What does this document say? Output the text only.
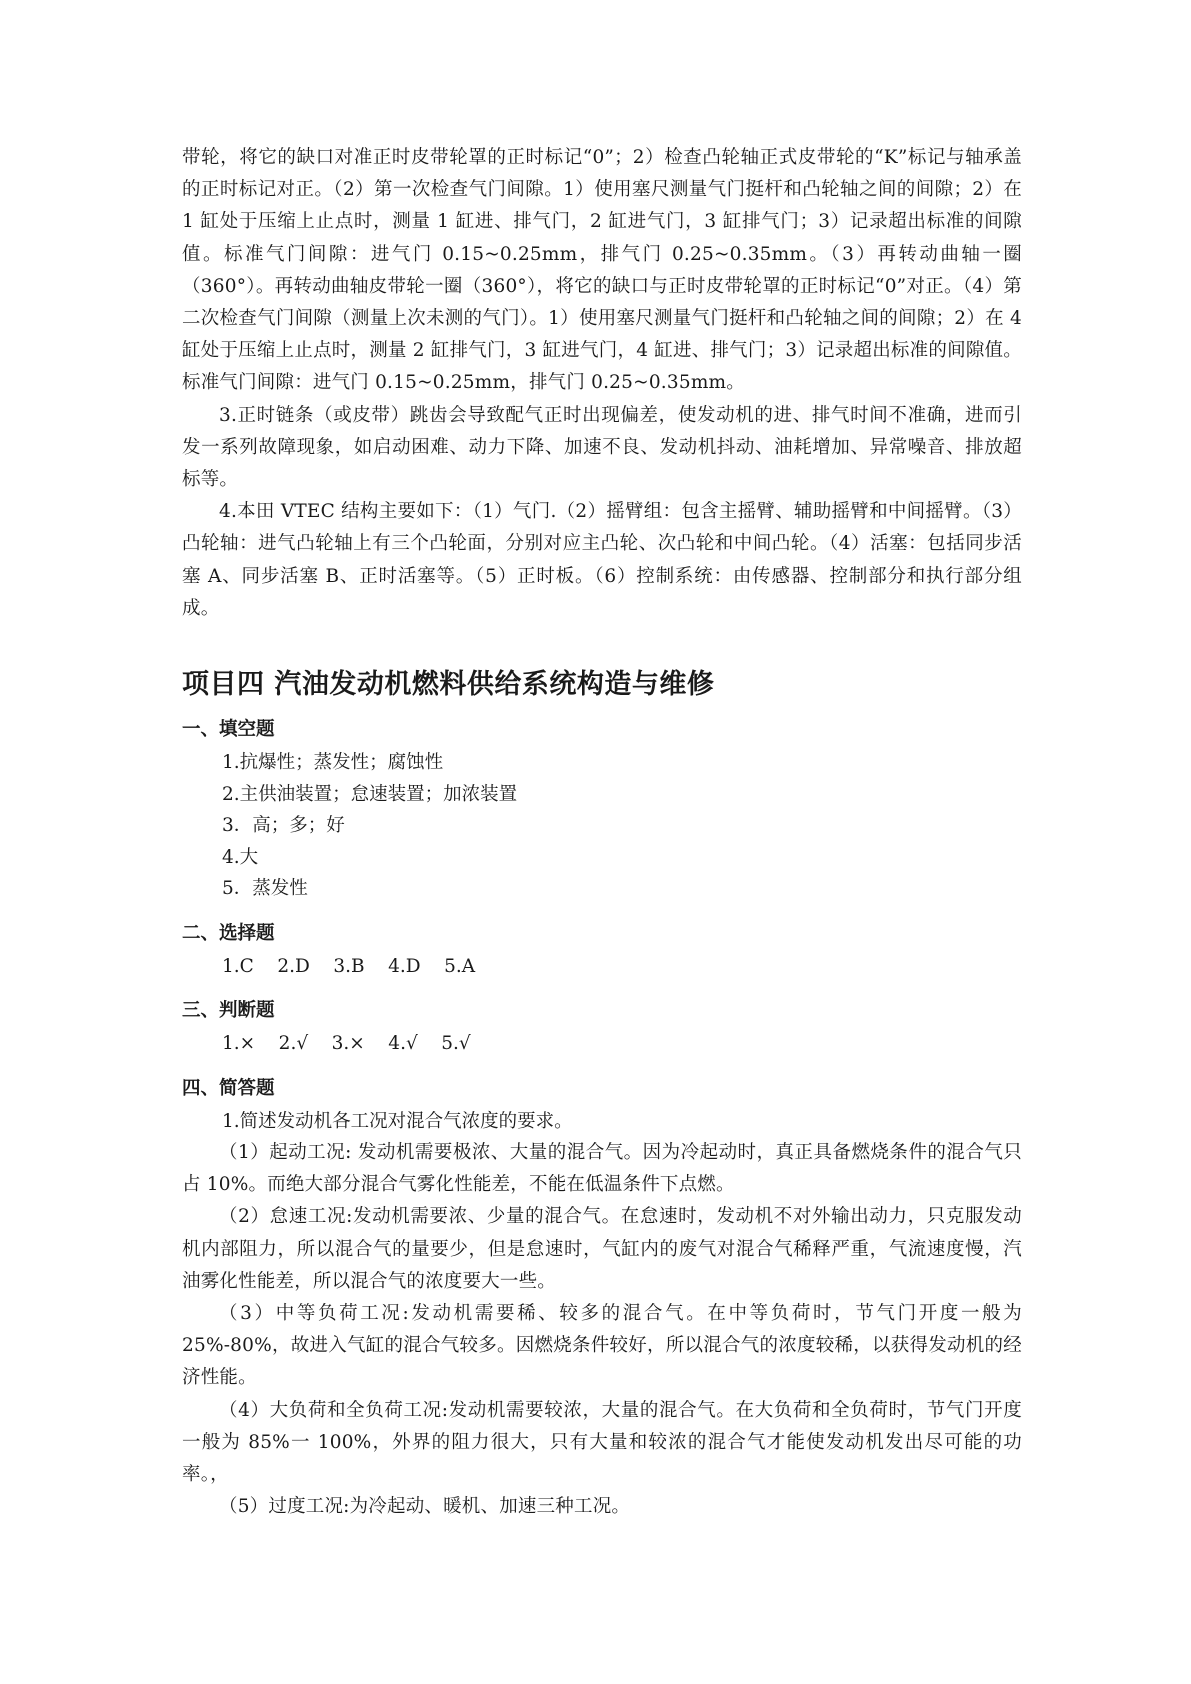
带轮，将它的缺口对准正时皮带轮罩的正时标记“0”；2）检查凸轮轴正式皮带轮的“K”标记与轴承盖的正时标记对正。（2）第一次检查气门间隙。1）使用塞尺测量气门挺杆和凸轮轴之间的间隙；2）在 1 缸处于压缩上止点时，测量 1 缸进、排气门，2 缸进气门，3 缸排气门；3）记录超出标准的间隙值。标准气门间隙：进气门 0.15~0.25mm，排气门 0.25~0.35mm。（3）再转动曲轴一圈（360°）。再转动曲轴皮带轮一圈（360°），将它的缺口与正时皮带轮罩的正时标记“0”对正。（4）第二次检查气门间隙（测量上次未测的气门）。1）使用塞尺测量气门挺杆和凸轮轴之间的间隙；2）在 4 缸处于压缩上止点时，测量 2 缸排气门，3 缸进气门，4 缸进、排气门；3）记录超出标准的间隙值。标准气门间隙：进气门 0.15~0.25mm，排气门 0.25~0.35mm。

3.正时链条（或皮带）跳齿会导致配气正时出现偏差，使发动机的进、排气时间不准确，进而引发一系列故障现象，如启动困难、动力下降、加速不良、发动机抖动、油耗增加、异常噪音、排放超标等。

4.本田 VTEC 结构主要如下：（1）气门.（2）摇臂组：包含主摇臂、辅助摇臂和中间摇臂。（3）凸轮轴：进气凸轮轴上有三个凸轮面，分别对应主凸轮、次凸轮和中间凸轮。（4）活塞：包括同步活塞 A、同步活塞 B、正时活塞等。（5）正时板。（6）控制系统：由传感器、控制部分和执行部分组成。

项目四 汽油发动机燃料供给系统构造与维修
一、填空题

1.抗爆性；蒸发性；腐蚀性

2.主供油装置；怠速装置；加浓装置

3．高；多；好

4.大

5．蒸发性

二、选择题

1.C    2.D    3.B    4.D    5.A

三、判断题

1.×    2.√    3.×    4.√    5.√

四、简答题

1.简述发动机各工况对混合气浓度的要求。

（1）起动工况: 发动机需要极浓、大量的混合气。因为冷起动时，真正具备燃烧条件的混合气只占 10%。而绝大部分混合气雾化性能差，不能在低温条件下点燃。

（2）怠速工况:发动机需要浓、少量的混合气。在怠速时，发动机不对外输出动力，只克服发动机内部阻力，所以混合气的量要少，但是怠速时，气缸内的废气对混合气稀释严重，气流速度慢，汽油雾化性能差，所以混合气的浓度要大一些。

（3）中等负荷工况:发动机需要稀、较多的混合气。在中等负荷时，节气门开度一般为 25%-80%，故进入气缸的混合气较多。因燃烧条件较好，所以混合气的浓度较稀，以获得发动机的经济性能。

（4）大负荷和全负荷工况:发动机需要较浓，大量的混合气。在大负荷和全负荷时，节气门开度一般为 85%一 100%，外界的阻力很大，只有大量和较浓的混合气才能使发动机发出尽可能的功率。，

（5）过度工况:为冷起动、暖机、加速三种工况。
